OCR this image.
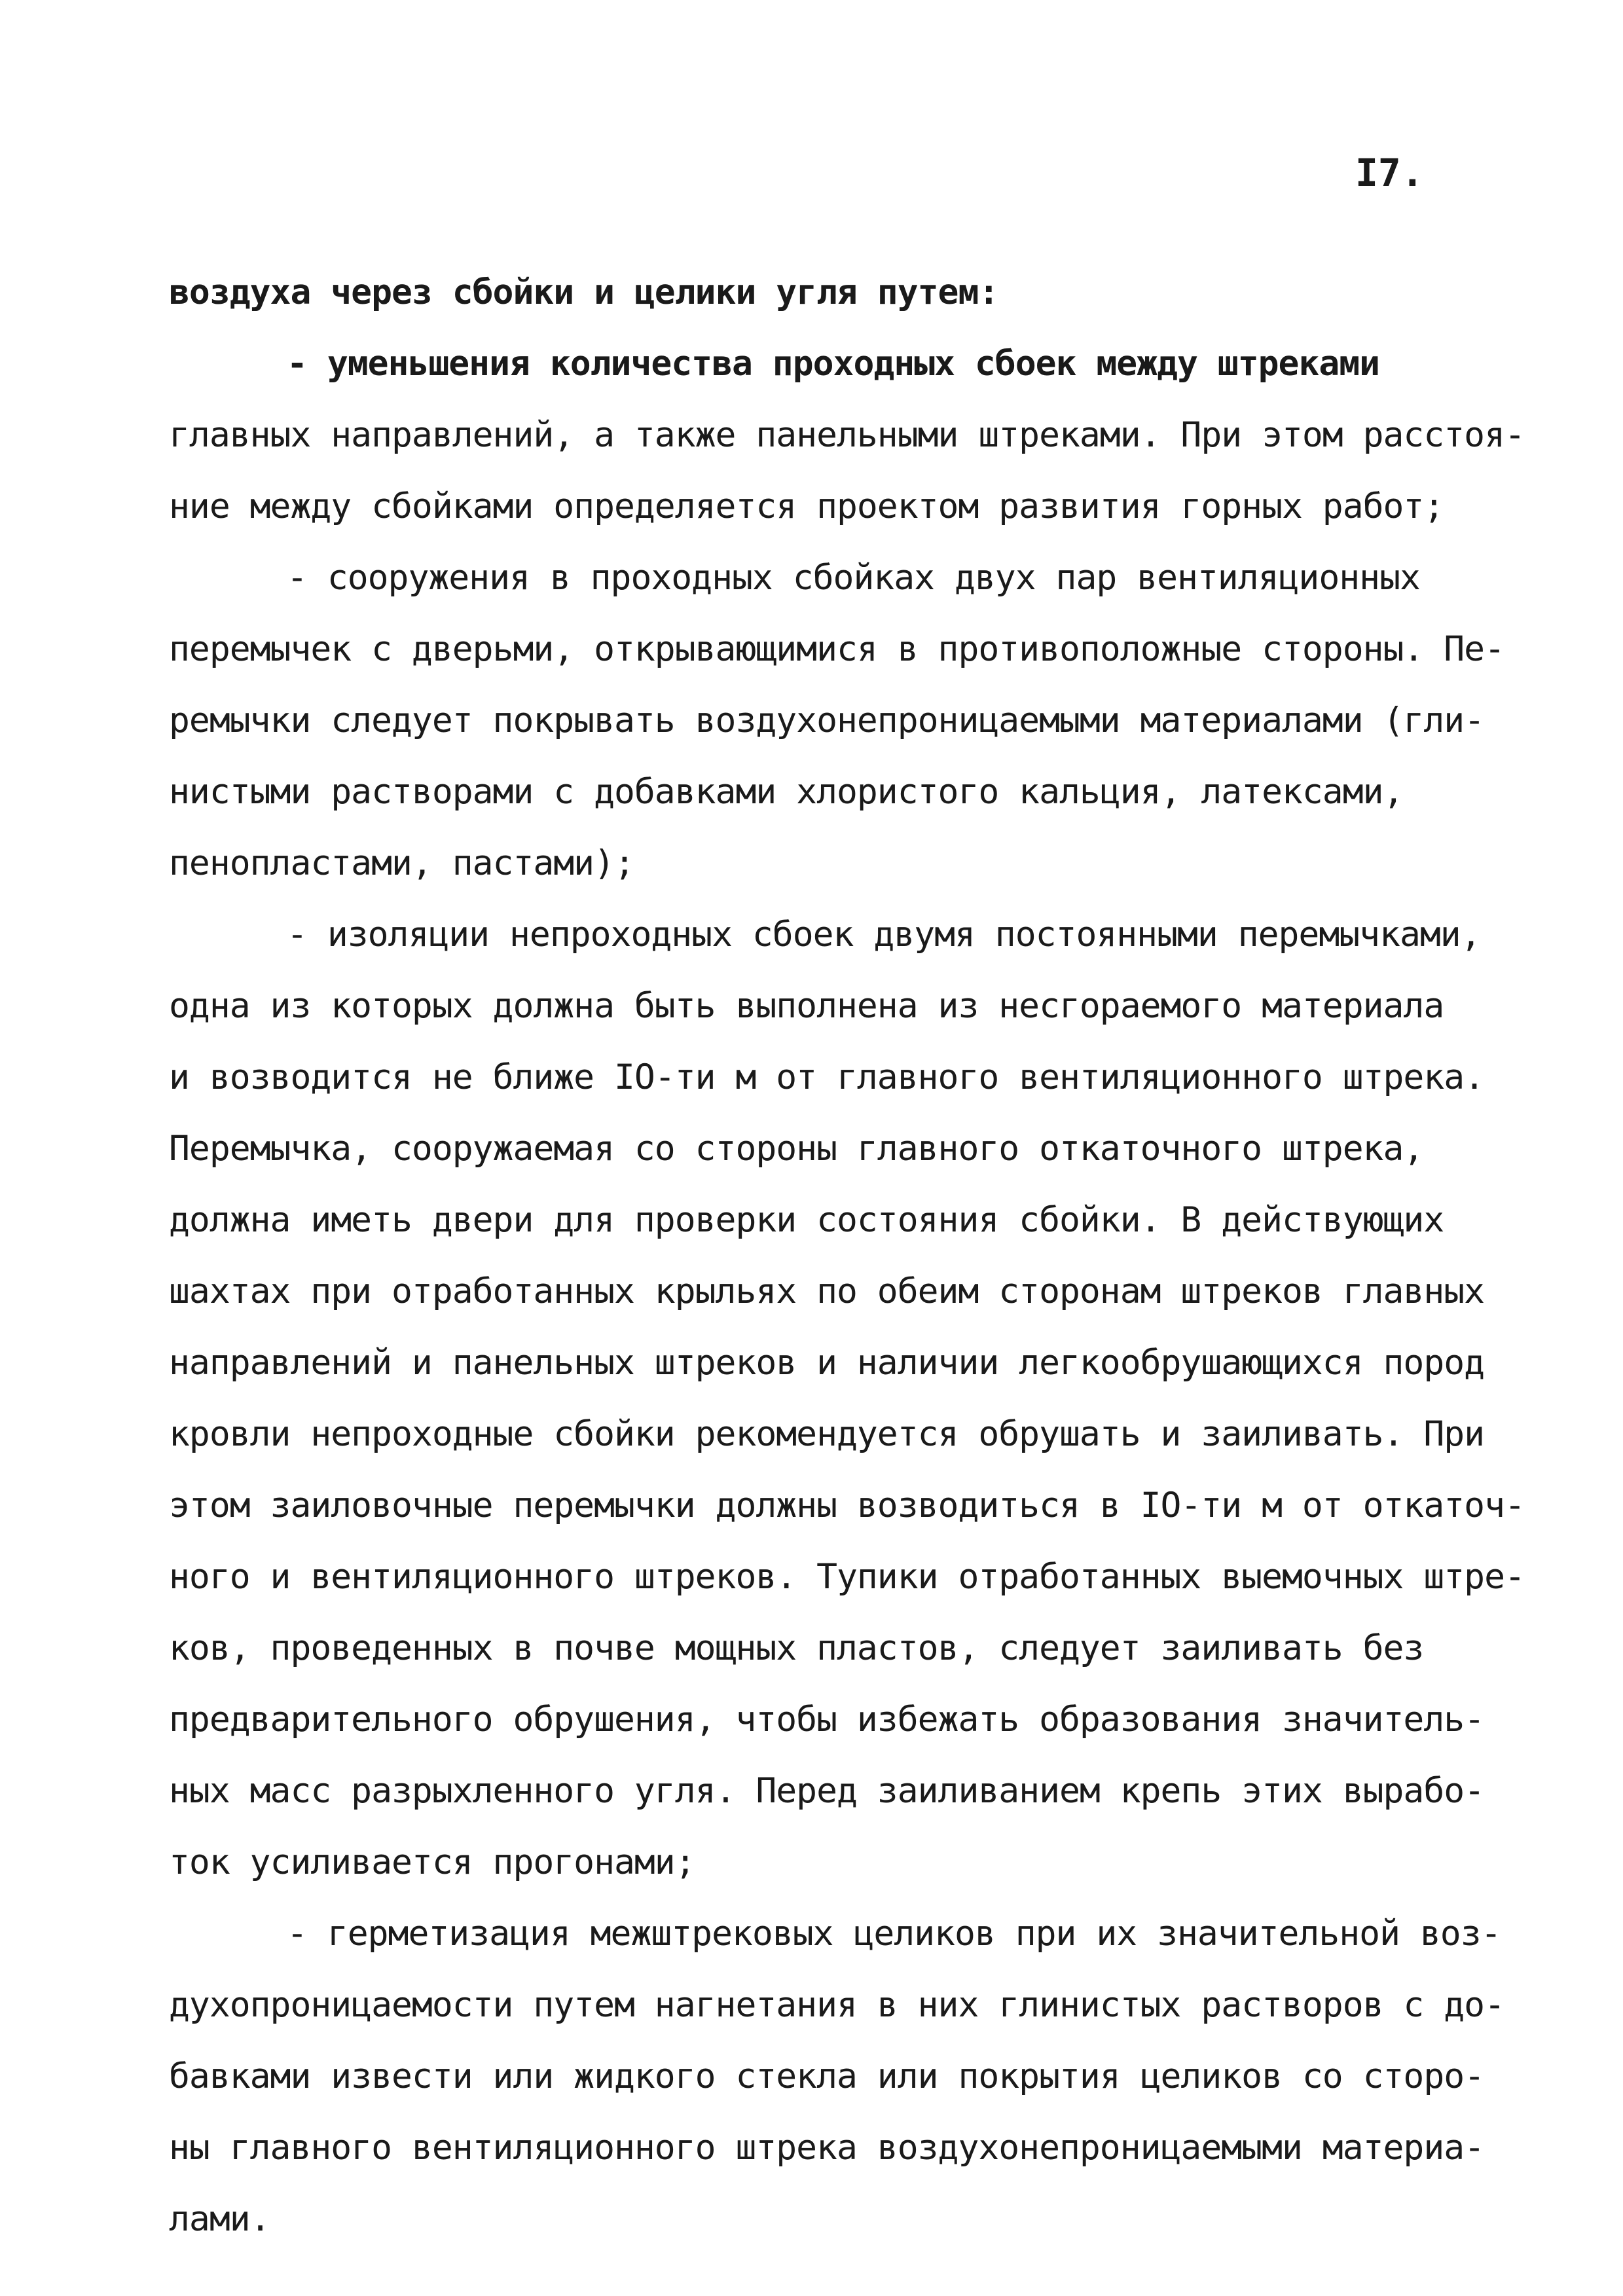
I7.
воздуха через сбойки и целики угля путем:
- уменьшения количества проходных сбоек между штреками
главных направлений, а также панельными штреками. При этом расстоя-
ние между сбойками определяется проектом развития горных работ;
- сооружения в проходных сбойках двух пар вентиляционных
перемычек с дверьми, открывающимися в противоположные стороны. Пе-
ремычки следует покрывать воздухонепроницаемыми материалами (гли-
нистыми растворами с добавками хлористого кальция, латексами,
пенопластами, пастами);
- изоляции непроходных сбоек двумя постоянными перемычками,
одна из которых должна быть выполнена из несгораемого материала
и возводится не ближе IO-ти м от главного вентиляционного штрека.
Перемычка, сооружаемая со стороны главного откаточного штрека,
должна иметь двери для проверки состояния сбойки. В действующих
шахтах при отработанных крыльях по обеим сторонам штреков главных
направлений и панельных штреков и наличии легкообрушающихся пород
кровли непроходные сбойки рекомендуется обрушать и заиливать. При
этом заиловочные перемычки должны возводиться в IO-ти м от откаточ-
ного и вентиляционного штреков. Тупики отработанных выемочных штре-
ков, проведенных в почве мощных пластов, следует заиливать без
предварительного обрушения, чтобы избежать образования значитель-
ных масс разрыхленного угля. Перед заиливанием крепь этих вырабо-
ток усиливается прогонами;
- герметизация межштрековых целиков при их значительной воз-
духопроницаемости путем нагнетания в них глинистых растворов с до-
бавками извести или жидкого стекла или покрытия целиков со сторо-
ны главного вентиляционного штрека воздухонепроницаемыми материа-
лами.
